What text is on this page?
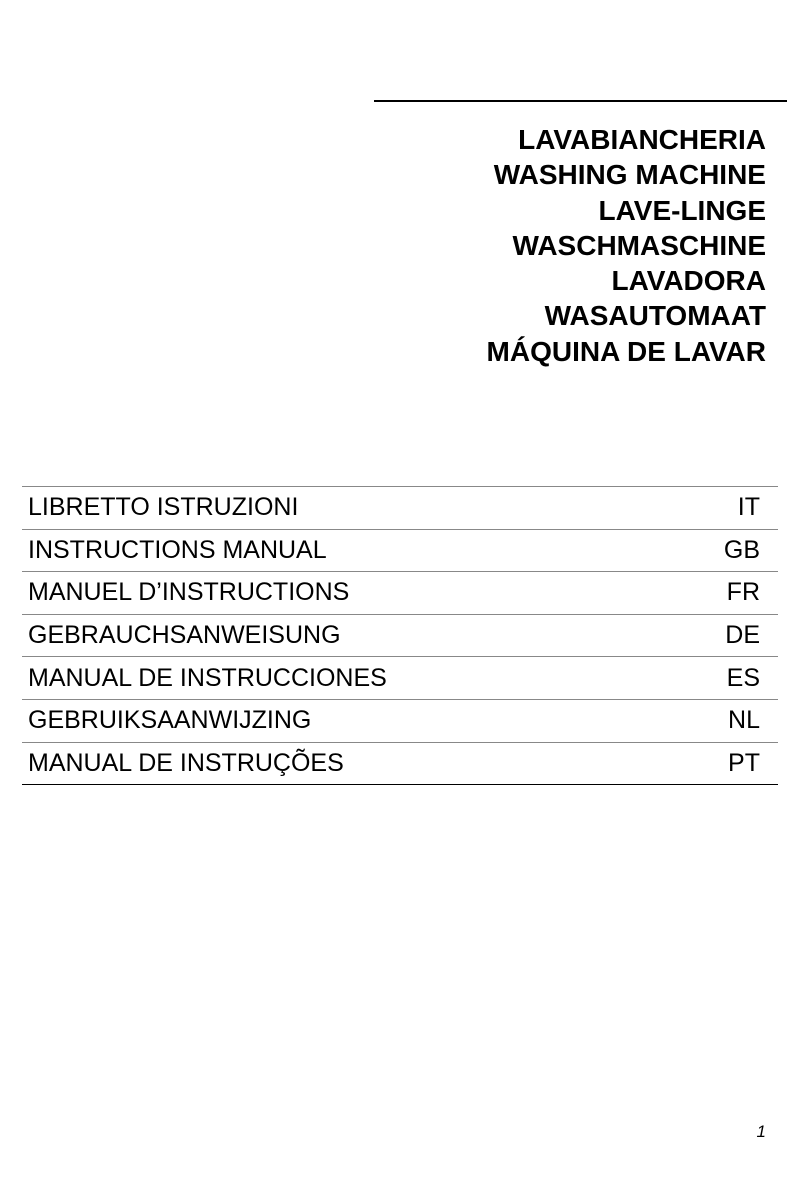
LAVABIANCHERIA
WASHING MACHINE
LAVE-LINGE
WASCHMASCHINE
LAVADORA
WASAUTOMAAT
MÁQUINA DE LAVAR
LIBRETTO ISTRUZIONI	IT
INSTRUCTIONS MANUAL	GB
MANUEL D’INSTRUCTIONS	FR
GEBRAUCHSANWEISUNG	DE
MANUAL DE INSTRUCCIONES	ES
GEBRUIKSAANWIJZING	NL
MANUAL DE INSTRUÇÕES	PT
1
